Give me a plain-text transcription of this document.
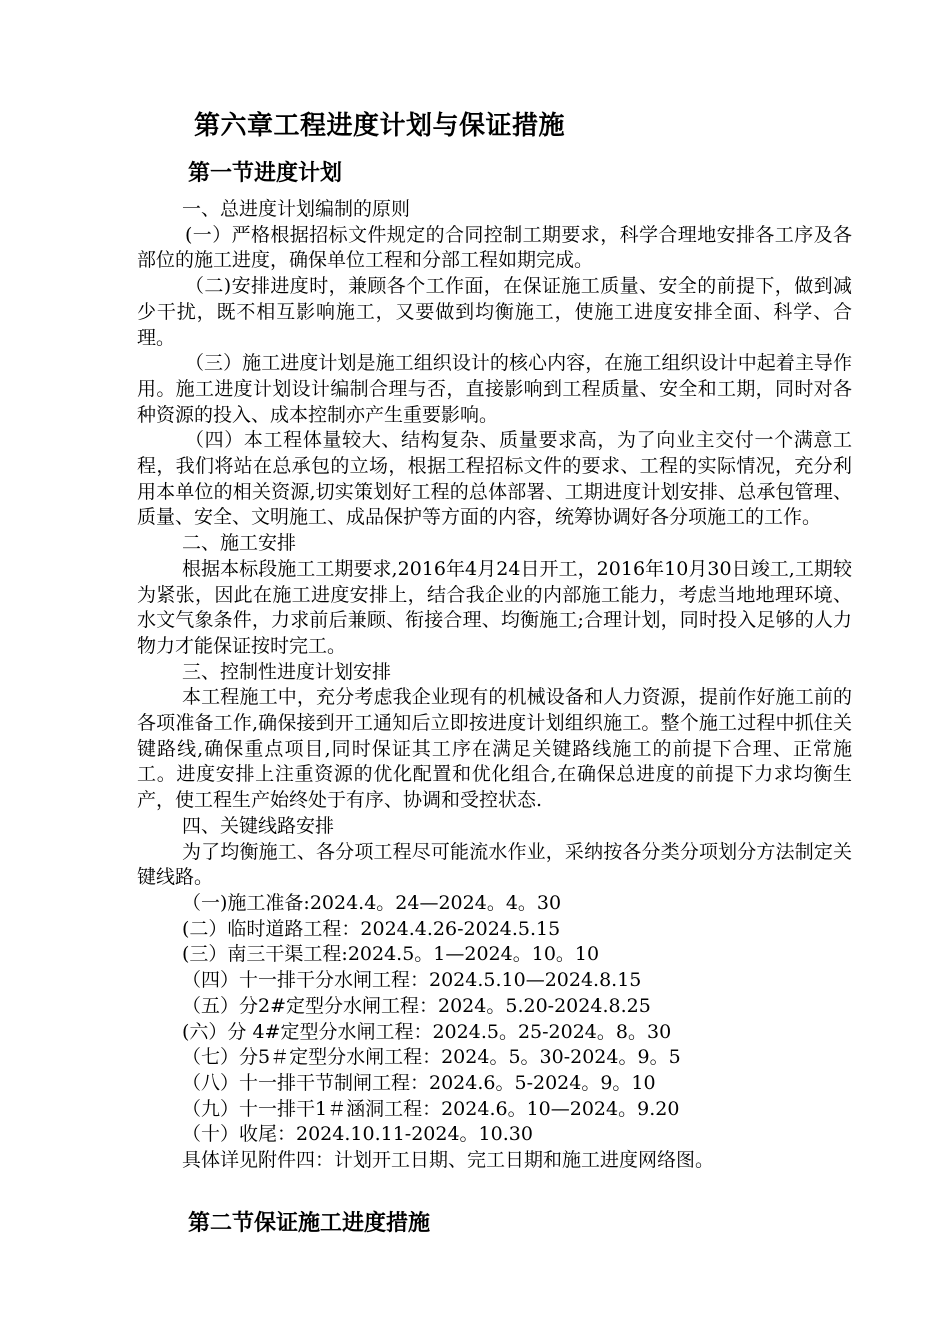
第六章工程进度计划与保证措施
第一节进度计划

一、总进度计划编制的原则

(一）严格根据招标文件规定的合同控制工期要求，科学合理地安排各工序及各部位的施工进度，确保单位工程和分部工程如期完成。

（二)安排进度时，兼顾各个工作面，在保证施工质量、安全的前提下，做到减少干扰，既不相互影响施工，又要做到均衡施工，使施工进度安排全面、科学、合理。

（三）施工进度计划是施工组织设计的核心内容，在施工组织设计中起着主导作用。施工进度计划设计编制合理与否，直接影响到工程质量、安全和工期，同时对各种资源的投入、成本控制亦产生重要影响。

（四）本工程体量较大、结构复杂、质量要求高，为了向业主交付一个满意工程，我们将站在总承包的立场，根据工程招标文件的要求、工程的实际情况，充分利用本单位的相关资源,切实策划好工程的总体部署、工期进度计划安排、总承包管理、质量、安全、文明施工、成品保护等方面的内容，统筹协调好各分项施工的工作。

二、施工安排

根据本标段施工工期要求,2016年4月24日开工，2016年10月30日竣工,工期较为紧张，因此在施工进度安排上，结合我企业的内部施工能力，考虑当地地理环境、水文气象条件，力求前后兼顾、衔接合理、均衡施工;合理计划，同时投入足够的人力物力才能保证按时完工。

三、控制性进度计划安排

本工程施工中，充分考虑我企业现有的机械设备和人力资源，提前作好施工前的各项准备工作,确保接到开工通知后立即按进度计划组织施工。整个施工过程中抓住关键路线,确保重点项目,同时保证其工序在满足关键路线施工的前提下合理、正常施工。进度安排上注重资源的优化配置和优化组合,在确保总进度的前提下力求均衡生产，使工程生产始终处于有序、协调和受控状态.

四、关键线路安排

为了均衡施工、各分项工程尽可能流水作业，采纳按各分类分项划分方法制定关键线路。

（一)施工准备:2024.4。24—2024。4。30

(二）临时道路工程：2024.4.26-2024.5.15

(三）南三干渠工程:2024.5。1—2024。10。10

（四）十一排干分水闸工程：2024.5.10—2024.8.15

（五）分2#定型分水闸工程：2024。5.20-2024.8.25

(六）分 4#定型分水闸工程：2024.5。25-2024。8。30

（七）分5＃定型分水闸工程：2024。5。30-2024。9。5

（八）十一排干节制闸工程：2024.6。5-2024。9。10

（九）十一排干1＃涵洞工程：2024.6。10—2024。9.20

（十）收尾：2024.10.11-2024。10.30

具体详见附件四：计划开工日期、完工日期和施工进度网络图。

第二节保证施工进度措施
